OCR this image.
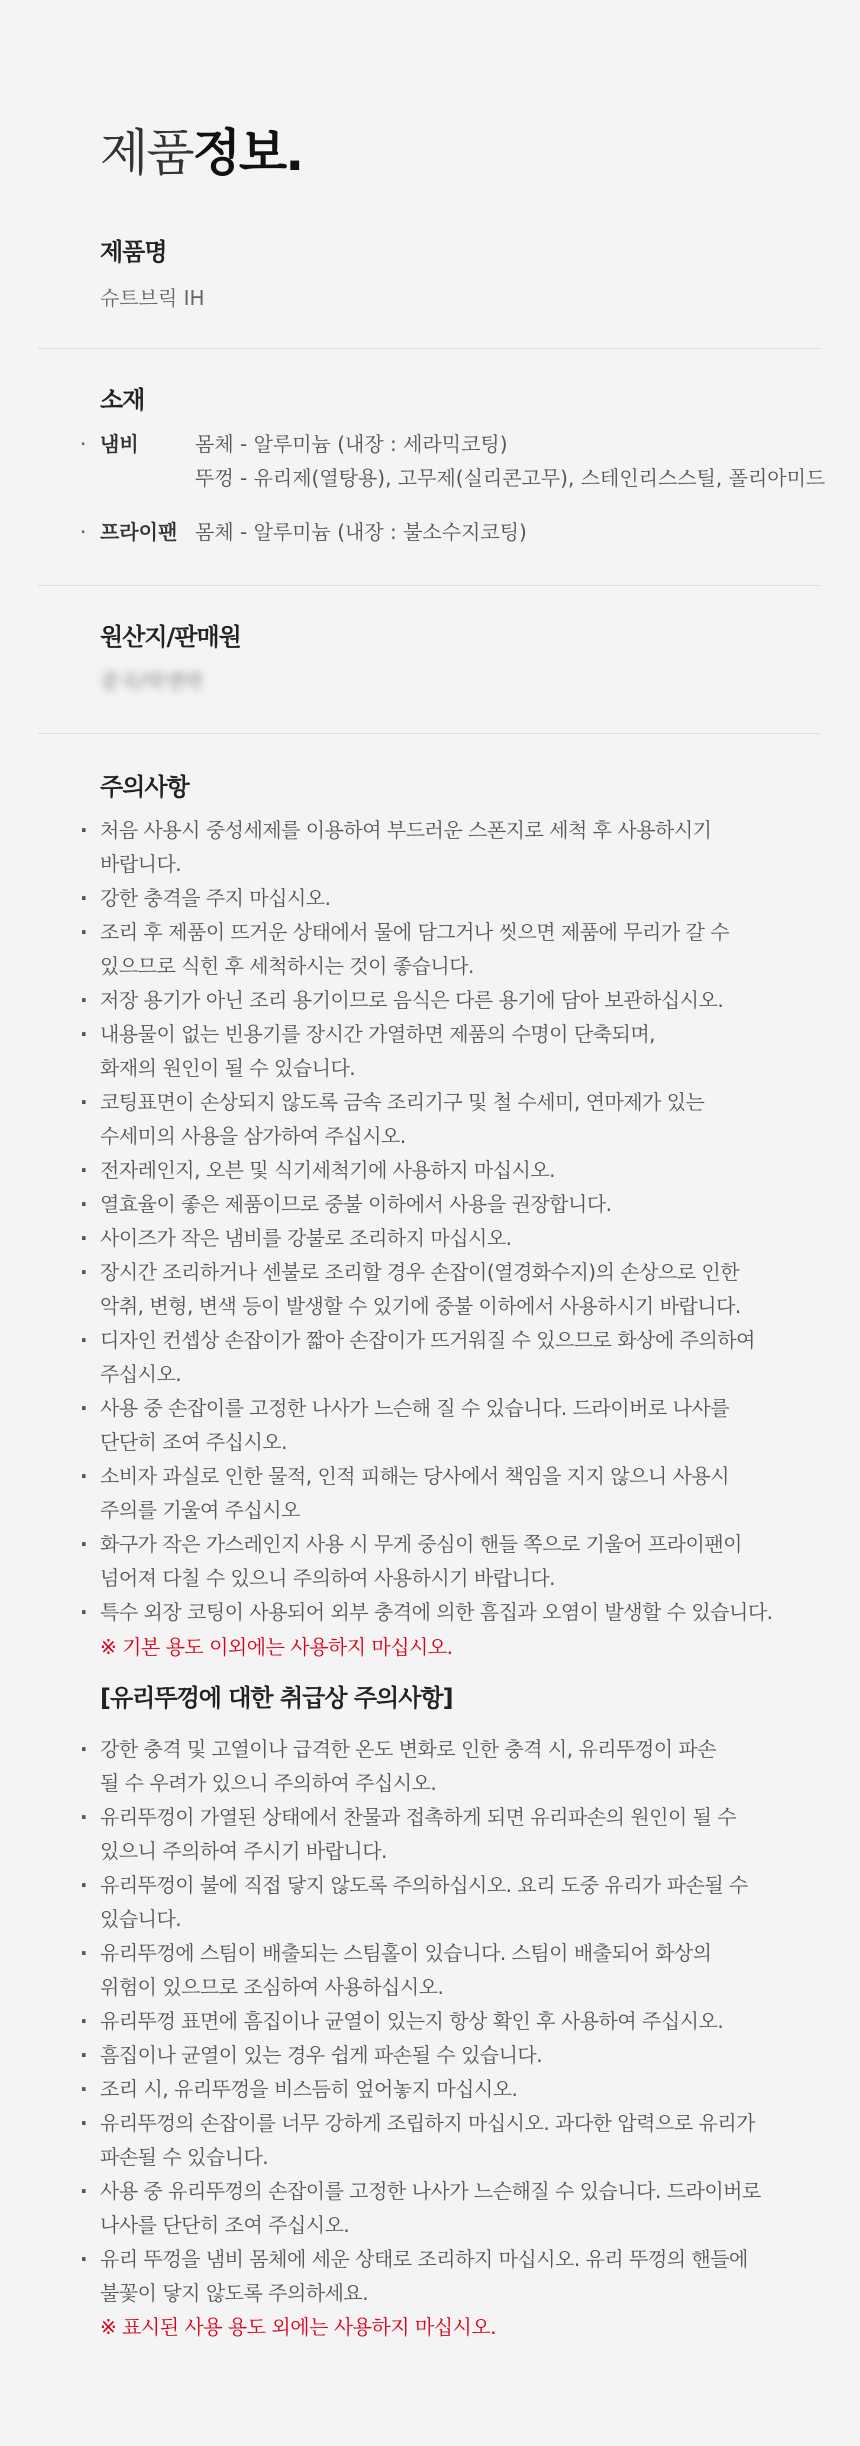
제품정보.
제품명
슈트브릭 IH
소재
· 냄비	몸체 - 알루미늄 (내장 : 세라믹코팅)
뚜껑 - 유리제(열탕용), 고무제(실리콘고무), 스테인리스스틸, 폴리아미드
· 프라이팬 몸체 - 알루미늄 (내장 : 불소수지코팅)
원산지/판매원
중국/락앤락
주의사항
· 처음 사용시 중성세제를 이용하여 부드러운 스폰지로 세척 후 사용하시기
바랍니다.
· 강한 충격을 주지 마십시오.
· 조리 후 제품이 뜨거운 상태에서 물에 담그거나 씻으면 제품에 무리가 갈 수
있으므로 식힌 후 세척하시는 것이 좋습니다.
· 저장 용기가 아닌 조리 용기이므로 음식은 다른 용기에 담아 보관하십시오.
· 내용물이 없는 빈용기를 장시간 가열하면 제품의 수명이 단축되며,
화재의 원인이 될 수 있습니다.
· 코팅표면이 손상되지 않도록 금속 조리기구 및 철 수세미, 연마제가 있는
수세미의 사용을 삼가하여 주십시오.
· 전자레인지, 오븐 및 식기세척기에 사용하지 마십시오.
· 열효율이 좋은 제품이므로 중불 이하에서 사용을 권장합니다.
· 사이즈가 작은 냄비를 강불로 조리하지 마십시오.
· 장시간 조리하거나 센불로 조리할 경우 손잡이(열경화수지)의 손상으로 인한
악취, 변형, 변색 등이 발생할 수 있기에 중불 이하에서 사용하시기 바랍니다.
· 디자인 컨셉상 손잡이가 짧아 손잡이가 뜨거워질 수 있으므로 화상에 주의하여
주십시오.
· 사용 중 손잡이를 고정한 나사가 느슨해 질 수 있습니다. 드라이버로 나사를
단단히 조여 주십시오.
· 소비자 과실로 인한 물적, 인적 피해는 당사에서 책임을 지지 않으니 사용시
주의를 기울여 주십시오
· 화구가 작은 가스레인지 사용 시 무게 중심이 핸들 쪽으로 기울어 프라이팬이
넘어져 다칠 수 있으니 주의하여 사용하시기 바랍니다.
· 특수 외장 코팅이 사용되어 외부 충격에 의한 흠집과 오염이 발생할 수 있습니다.
※ 기본 용도 이외에는 사용하지 마십시오.
[유리뚜껑에 대한 취급상 주의사항]
· 강한 충격 및 고열이나 급격한 온도 변화로 인한 충격 시, 유리뚜껑이 파손
될 수 우려가 있으니 주의하여 주십시오.
· 유리뚜껑이 가열된 상태에서 찬물과 접촉하게 되면 유리파손의 원인이 될 수
있으니 주의하여 주시기 바랍니다.
· 유리뚜껑이 불에 직접 닿지 않도록 주의하십시오. 요리 도중 유리가 파손될 수
있습니다.
· 유리뚜껑에 스팀이 배출되는 스팀홀이 있습니다. 스팀이 배출되어 화상의
위험이 있으므로 조심하여 사용하십시오.
· 유리뚜껑 표면에 흠집이나 균열이 있는지 항상 확인 후 사용하여 주십시오.
· 흠집이나 균열이 있는 경우 쉽게 파손될 수 있습니다.
· 조리 시, 유리뚜껑을 비스듬히 엎어놓지 마십시오.
· 유리뚜껑의 손잡이를 너무 강하게 조립하지 마십시오. 과다한 압력으로 유리가
파손될 수 있습니다.
· 사용 중 유리뚜껑의 손잡이를 고정한 나사가 느슨해질 수 있습니다. 드라이버로
나사를 단단히 조여 주십시오.
· 유리 뚜껑을 냄비 몸체에 세운 상태로 조리하지 마십시오. 유리 뚜껑의 핸들에
불꽃이 닿지 않도록 주의하세요.
※ 표시된 사용 용도 외에는 사용하지 마십시오.
